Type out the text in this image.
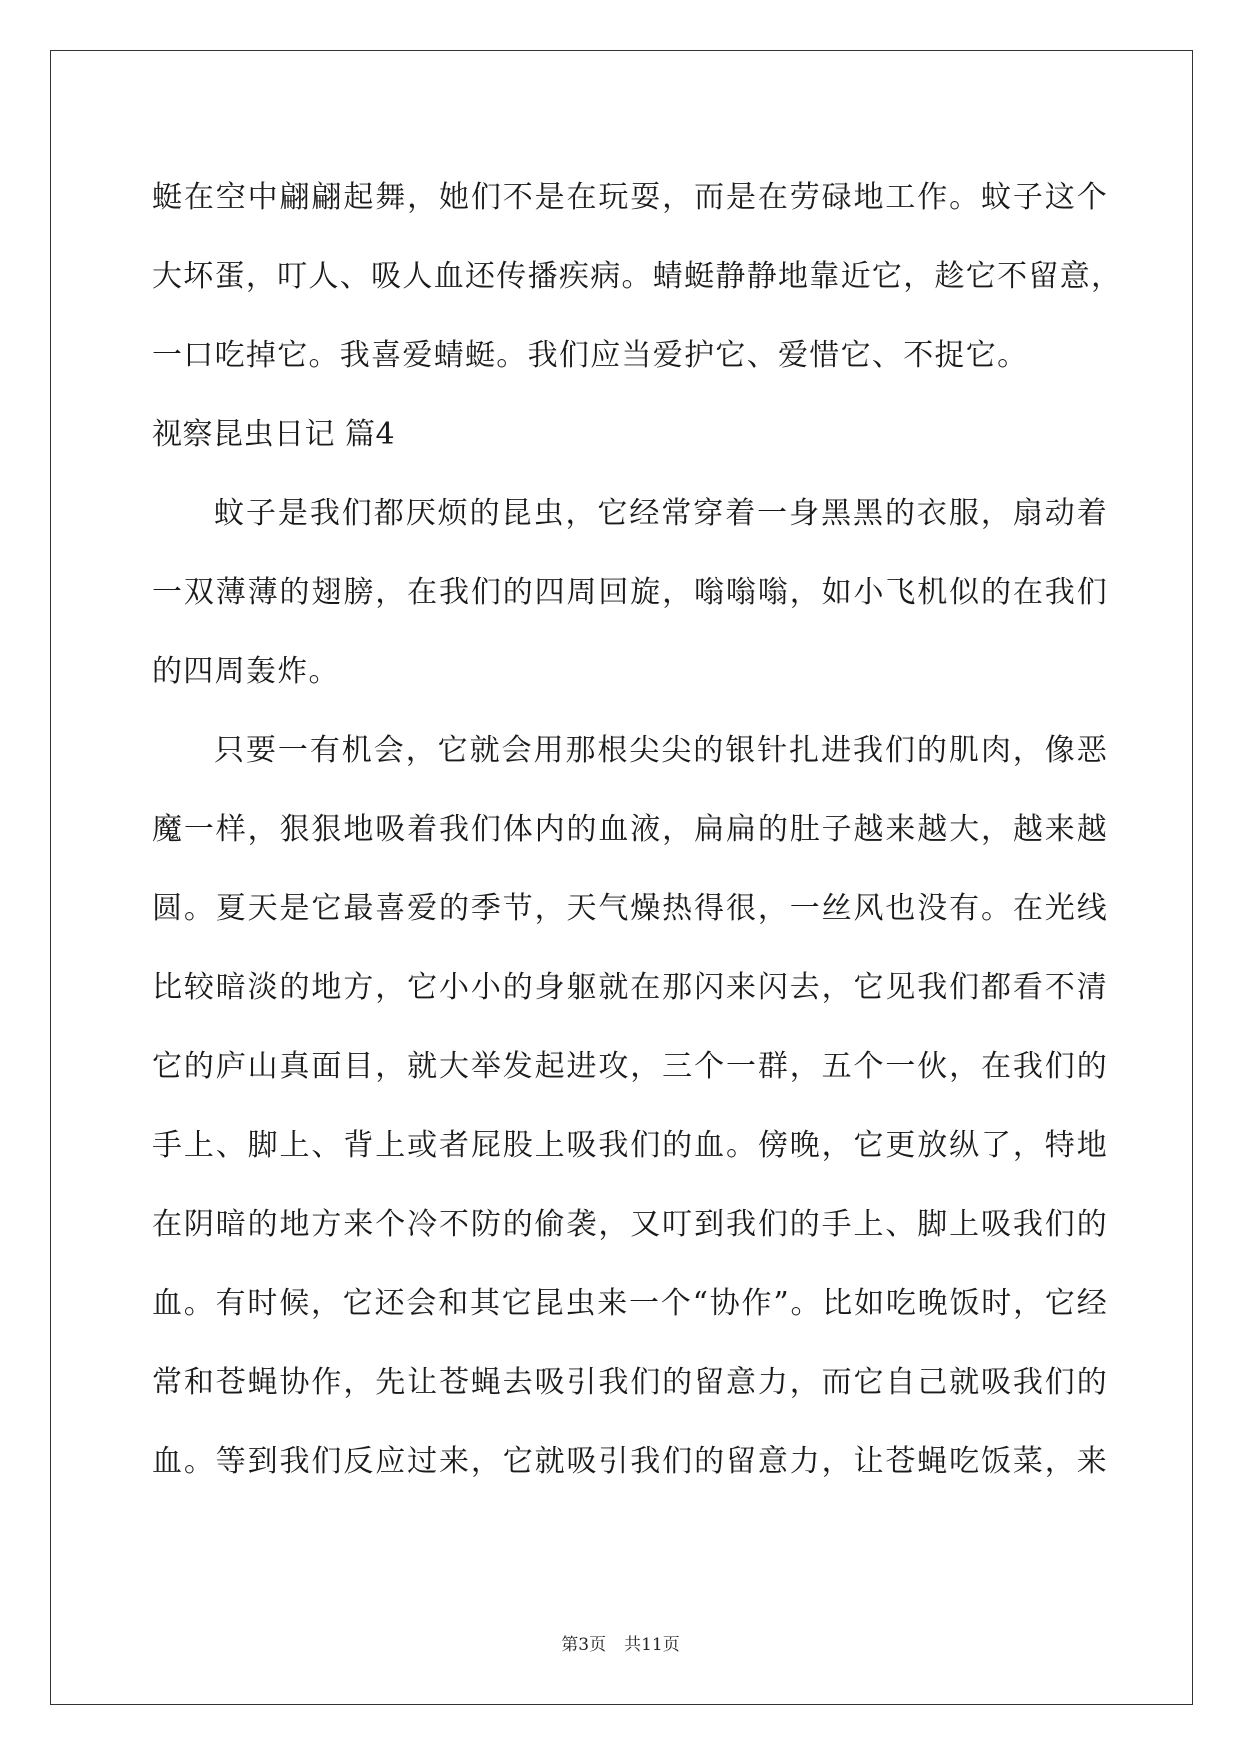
蜓在空中翩翩起舞，她们不是在玩耍，而是在劳碌地工作。蚊子这个
大坏蛋，叮人、吸人血还传播疾病。蜻蜓静静地靠近它，趁它不留意，
一口吃掉它。我喜爱蜻蜓。我们应当爱护它、爱惜它、不捉它。
视察昆虫日记 篇4
蚊子是我们都厌烦的昆虫，它经常穿着一身黑黑的衣服，扇动着
一双薄薄的翅膀，在我们的四周回旋，嗡嗡嗡，如小飞机似的在我们
的四周轰炸。
只要一有机会，它就会用那根尖尖的银针扎进我们的肌肉，像恶
魔一样，狠狠地吸着我们体内的血液，扁扁的肚子越来越大，越来越
圆。夏天是它最喜爱的季节，天气燥热得很，一丝风也没有。在光线
比较暗淡的地方，它小小的身躯就在那闪来闪去，它见我们都看不清
它的庐山真面目，就大举发起进攻，三个一群，五个一伙，在我们的
手上、脚上、背上或者屁股上吸我们的血。傍晚，它更放纵了，特地
在阴暗的地方来个冷不防的偷袭，又叮到我们的手上、脚上吸我们的
血。有时候，它还会和其它昆虫来一个“协作”。比如吃晚饭时，它经
常和苍蝇协作，先让苍蝇去吸引我们的留意力，而它自己就吸我们的
血。等到我们反应过来，它就吸引我们的留意力，让苍蝇吃饭菜，来
第3页 共11页
